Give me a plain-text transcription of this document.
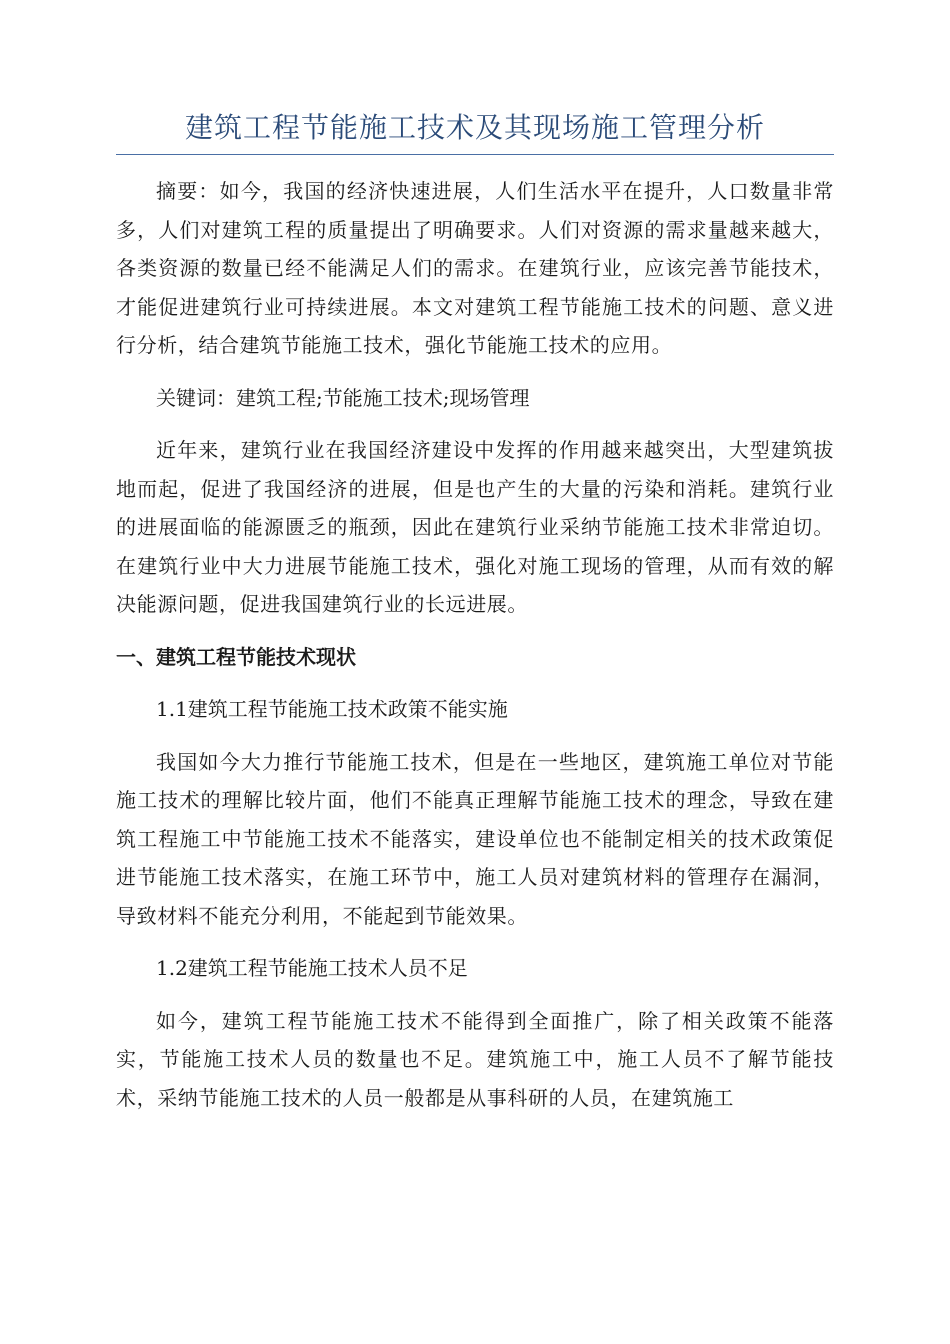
建筑工程节能施工技术及其现场施工管理分析

摘要：如今，我国的经济快速进展，人们生活水平在提升，人口数量非常多，人们对建筑工程的质量提出了明确要求。人们对资源的需求量越来越大，各类资源的数量已经不能满足人们的需求。在建筑行业，应该完善节能技术，才能促进建筑行业可持续进展。本文对建筑工程节能施工技术的问题、意义进行分析，结合建筑节能施工技术，强化节能施工技术的应用。

关键词：建筑工程;节能施工技术;现场管理

近年来，建筑行业在我国经济建设中发挥的作用越来越突出，大型建筑拔地而起，促进了我国经济的进展，但是也产生的大量的污染和消耗。建筑行业的进展面临的能源匮乏的瓶颈，因此在建筑行业采纳节能施工技术非常迫切。在建筑行业中大力进展节能施工技术，强化对施工现场的管理，从而有效的解决能源问题，促进我国建筑行业的长远进展。

一、建筑工程节能技术现状

1.1建筑工程节能施工技术政策不能实施

我国如今大力推行节能施工技术，但是在一些地区，建筑施工单位对节能施工技术的理解比较片面，他们不能真正理解节能施工技术的理念，导致在建筑工程施工中节能施工技术不能落实，建设单位也不能制定相关的技术政策促进节能施工技术落实，在施工环节中，施工人员对建筑材料的管理存在漏洞，导致材料不能充分利用，不能起到节能效果。

1.2建筑工程节能施工技术人员不足

如今，建筑工程节能施工技术不能得到全面推广，除了相关政策不能落实，节能施工技术人员的数量也不足。建筑施工中，施工人员不了解节能技术，采纳节能施工技术的人员一般都是从事科研的人员，在建筑施工
